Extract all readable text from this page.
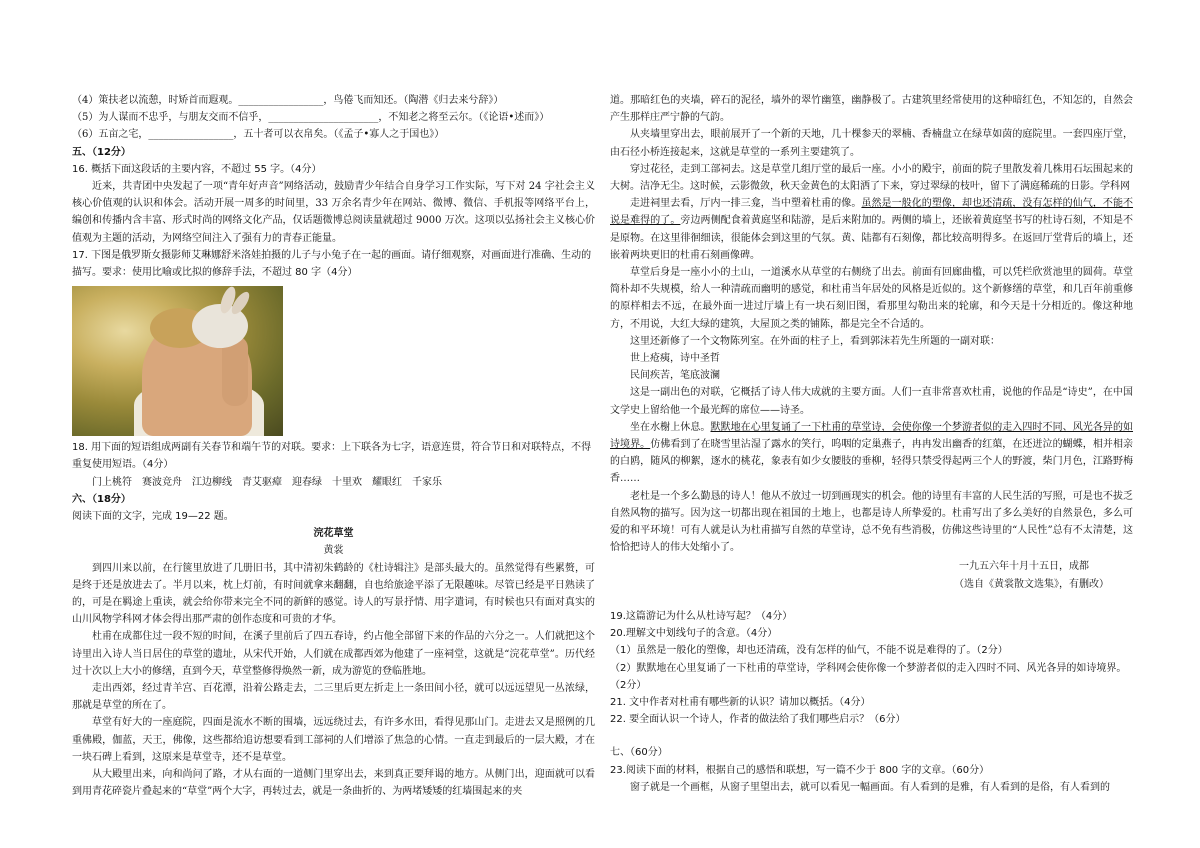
（4）策扶老以流憩，时矫首而遐观。_________________，鸟倦飞而知还。（陶潜《归去来兮辞》）

（5）为人谋而不忠乎，与朋友交而不信乎，______________________，不知老之将至云尔。（《论语•述而》）

（6）五亩之宅，_________________，五十者可以衣帛矣。（《孟子•寡人之于国也》）

五、（12分）

16. 概括下面这段话的主要内容，不超过 55 字。（4分）

近来，共青团中央发起了一项“青年好声音”网络活动，鼓励青少年结合自身学习工作实际，写下对 24 字社会主义核心价值观的认识和体会。活动开展一周多的时间里，33 万余名青少年在网站、微博、微信、手机报等网络平台上，编创和传播内含丰富、形式时尚的网络文化产品，仅话题微博总阅读量就超过 9000 万次。这项以弘扬社会主义核心价值观为主题的活动，为网络空间注入了强有力的青春正能量。

17. 下图是俄罗斯女摄影师艾琳娜舒米洛娃拍摄的儿子与小兔子在一起的画面。请仔细观察，对画面进行准确、生动的描写。要求：使用比喻或比拟的修辞手法，不超过 80 字（4分）

18. 用下面的短语组成两副有关春节和端午节的对联。要求：上下联各为七字，语意连贯，符合节日和对联特点，不得重复使用短语。（4分）

门上桃符　赛波竞舟　江边柳线　青艾驱瘴　迎春绿　十里欢　耀眼红　千家乐

六、（18分）

阅读下面的文字，完成 19—22 题。

浣花草堂

黄裳

到四川来以前，在行箧里放进了几册旧书，其中清初朱鹤龄的《杜诗辑注》是部头最大的。虽然觉得有些累赘，可是终于还是放进去了。半月以来，枕上灯前，有时间就拿来翻翻，自也给旅途平添了无限趣味。尽管已经是平日熟读了的，可是在羁途上重读，就会给你带来完全不同的新鲜的感觉。诗人的写景抒情、用字遣词，有时候也只有面对真实的山川风物学科网才体会得出那严肃的创作态度和可贵的才华。

杜甫在成都住过一段不短的时间，在溪子里前后了四五春诗，约占他全部留下来的作品的六分之一。人们就把这个诗里出入诗人当日居住的草堂的遗址，从宋代开始，人们就在成都西郊为他建了一座祠堂，这就是“浣花草堂”。历代经过十次以上大小的修缮，直到今天，草堂整修得焕然一新，成为游览的登临胜地。

走出西郊，经过青羊宫、百花潭，沿着公路走去，二三里后更左折走上一条田间小径，就可以远远望见一丛浓绿，那就是草堂的所在了。

草堂有好大的一座庭院，四面是流水不断的围墙，远远绕过去，有许多水田，看得见那山门。走进去又是照例的几重佛殿，伽蓝，天王，佛像，这些都给追访想要看到工部祠的人们增添了焦急的心情。一直走到最后的一层大殿，才在一块石碑上看到，这原来是草堂寺，还不是草堂。

从大殿里出来，向和尚问了路，才从右面的一道侧门里穿出去，来到真正要拜谒的地方。从侧门出，迎面就可以看到用青花碎瓷片叠起来的“草堂”两个大字，再转过去，就是一条曲折的、为两堵矮矮的红墙围起来的夹

道。那暗红色的夹墙，碎石的泥径，墙外的翠竹幽篁，幽静极了。古建筑里经常使用的这种暗红色，不知怎的，自然会产生那样庄严宁静的气韵。

从夹墙里穿出去，眼前展开了一个新的天地，几十棵参天的翠楠、香楠盘立在绿草如茵的庭院里。一套四座厅堂，由石径小桥连接起来，这就是草堂的一系列主要建筑了。

穿过花径，走到工部祠去。这是草堂几组厅堂的最后一座。小小的殿宇，前面的院子里散发着几株用石坛围起来的大树。洁净无尘。这时候，云影微敛，秋天金黄色的太阳洒了下来，穿过翠绿的枝叶，留下了满庭稀疏的日影。学科网

走进祠里去看，厅内一排三龛，当中塑着杜甫的像。虽然是一般化的塑像，却也还清疏，没有怎样的仙气，不能不说是难得的了。旁边两侧配食着黄庭坚和陆游，是后来附加的。两侧的墙上，还嵌着黄庭坚书写的杜诗石刻，不知是不是原物。在这里徘徊细读，很能体会到这里的气氛。黄、陆都有石刻像，都比较高明得多。在返回厅堂背后的墙上，还嵌着两块更旧的杜甫石刻画像碑。

草堂后身是一座小小的土山，一道溪水从草堂的右侧绕了出去。前面有回廊曲槛，可以凭栏欣赏池里的圆荷。草堂简朴却不失规模，给人一种清疏而幽明的感觉，和杜甫当年居处的风格是近似的。这个新修缮的草堂，和几百年前重修的原样相去不远，在最外面一进过厅墙上有一块石刻旧图，看那里勾勒出来的轮廓，和今天是十分相近的。像这种地方，不用说，大红大绿的建筑，大屋顶之类的铺陈，都是完全不合适的。

这里还新修了一个文物陈列室。在外面的柱子上，看到郭沫若先生所题的一副对联：

世上疮痍，诗中圣哲

民间疾苦，笔底波澜

这是一副出色的对联，它概括了诗人伟大成就的主要方面。人们一直非常喜欢杜甫，说他的作品是“诗史”，在中国文学史上留给他一个最光辉的席位——诗圣。

坐在水榭上休息。默默地在心里复诵了一下杜甫的草堂诗，会使你像一个梦游者似的走入四时不同、风光各异的如诗境界。仿佛看到了在晓雪里沾湿了露水的笑行，呜咽的定巢燕子，冉冉发出幽香的红蕖，在还迸泣的蝴蝶，相并相亲的白鸥，随风的柳絮，逐水的桃花，象表有如少女腰肢的垂柳，轻得只禁受得起两三个人的野渡，柴门月色，江路野梅香……

老杜是一个多么勤恳的诗人！他从不放过一切到画现实的机会。他的诗里有丰富的人民生活的写照，可是也不拔乏自然风物的描写。因为这一切都出现在祖国的土地上，也都是诗人所挚爱的。杜甫写出了多么美好的自然景色，多么可爱的和平环境！可有人就是认为杜甫描写自然的草堂诗，总不免有些消极，仿佛这些诗里的“人民性”总有不太清楚，这恰恰把诗人的伟大处缩小了。

一九五六年十月十五日，成都

（选自《黄裳散文选集》，有删改）

19.这篇游记为什么从杜诗写起？（4分）

20.理解文中划线句子的含意。（4分）

（1）虽然是一般化的塑像，却也还清疏，没有怎样的仙气，不能不说是难得的了。（2分）

（2）默默地在心里复诵了一下杜甫的草堂诗，学科网会使你像一个梦游者似的走入四时不同、风光各异的如诗境界。（2分）

21. 文中作者对杜甫有哪些新的认识？请加以概括。（4分）

22. 要全面认识一个诗人，作者的做法给了我们哪些启示？（6分）

七、（60分）

23.阅读下面的材料，根据自己的感悟和联想，写一篇不少于 800 字的文章。（60分）

窗子就是一个画框，从窗子里望出去，就可以看见一幅画面。有人看到的是雅，有人看到的是俗，有人看到的
